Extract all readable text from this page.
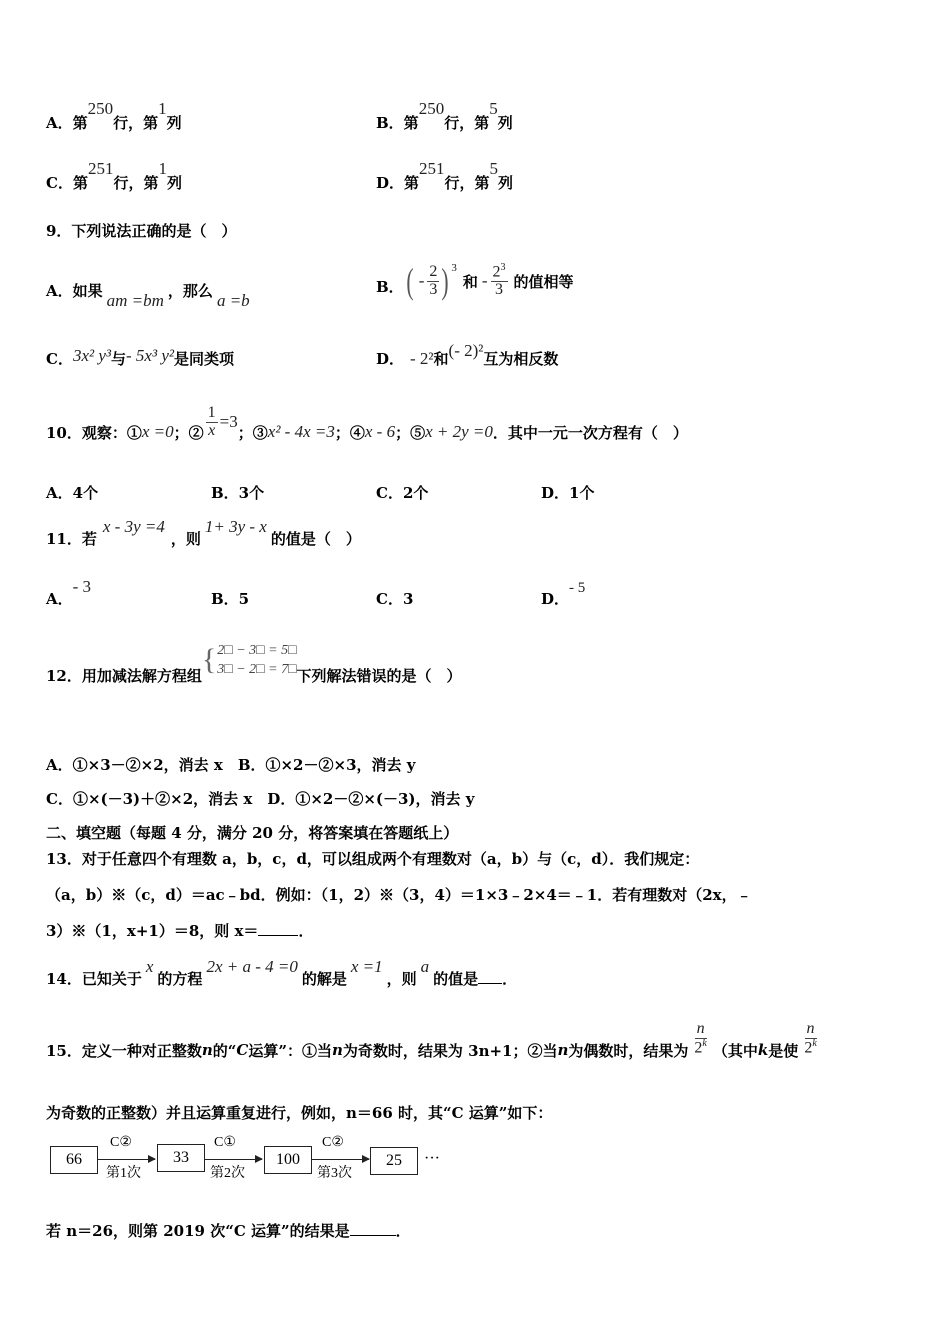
A．第250行，第1列	B．第250行，第5列
C．第251行，第1列	D．第251行，第5列
9．下列说法正确的是（　）
A．如果 am =bm ，那么 a =b
B． ( - $\frac{2}{3}$ ) 3
和 - $\frac{2^3}{3}$ 的值相等
C．3x² y³与- 5x³ y²是同类项	D． - 2²和(- 2)²互为相反数
10．观察：① x =0 ；② $\frac{1}{x} =3$
；③ x² - 4x =3 ；④ x - 6 ；⑤ x + 2y =0 ．其中一元一次方程有（　）
A．4个	B．3个	C．2个	D．1个
11．若x - 3y =4，则1+ 3y - x的值是（　）
A．- 3
B．5	C．3	D．- 5
12．用加减法解方程组 { 2□ − 3□ = 5□
3□ − 2□ = 7□ 下列解法错误的是（　）
A．①×3－②×2，消去 x　B．①×2－②×3，消去 y
C．①×(－3)＋②×2，消去 x　D．①×2－②×(－3)，消去 y
二、填空题（每题 4 分，满分 20 分，将答案填在答题纸上）
13．对于任意四个有理数 a，b，c，d，可以组成两个有理数对（a，b）与（c，d）．我们规定：
（a，b）※（c，d）＝ac﹣bd．例如：（1，2）※（3，4）＝1×3﹣2×4＝﹣1．若有理数对（2x，﹣
3）※（1，x+1）＝8，则 x＝	．
14．已知关于x的方程2x + a - 4 =0的解是x =1，则a的值是 ．
15．定义一种对正整数 n 的“ C 运算”：①当 n 为奇数时，结果为 3n+1；②当 n 为偶数时，结果为 $\frac{n}{2^k}$ （其中 k 是使 $\frac{n}{2^k}$
为奇数的正整数）并且运算重复进行，例如，n＝66 时，其“C 运算”如下：
66
C②
第1次
33
C①
第2次
100
C②
第3次
25	···
若 n＝26，则第 2019 次“C 运算”的结果是	．
